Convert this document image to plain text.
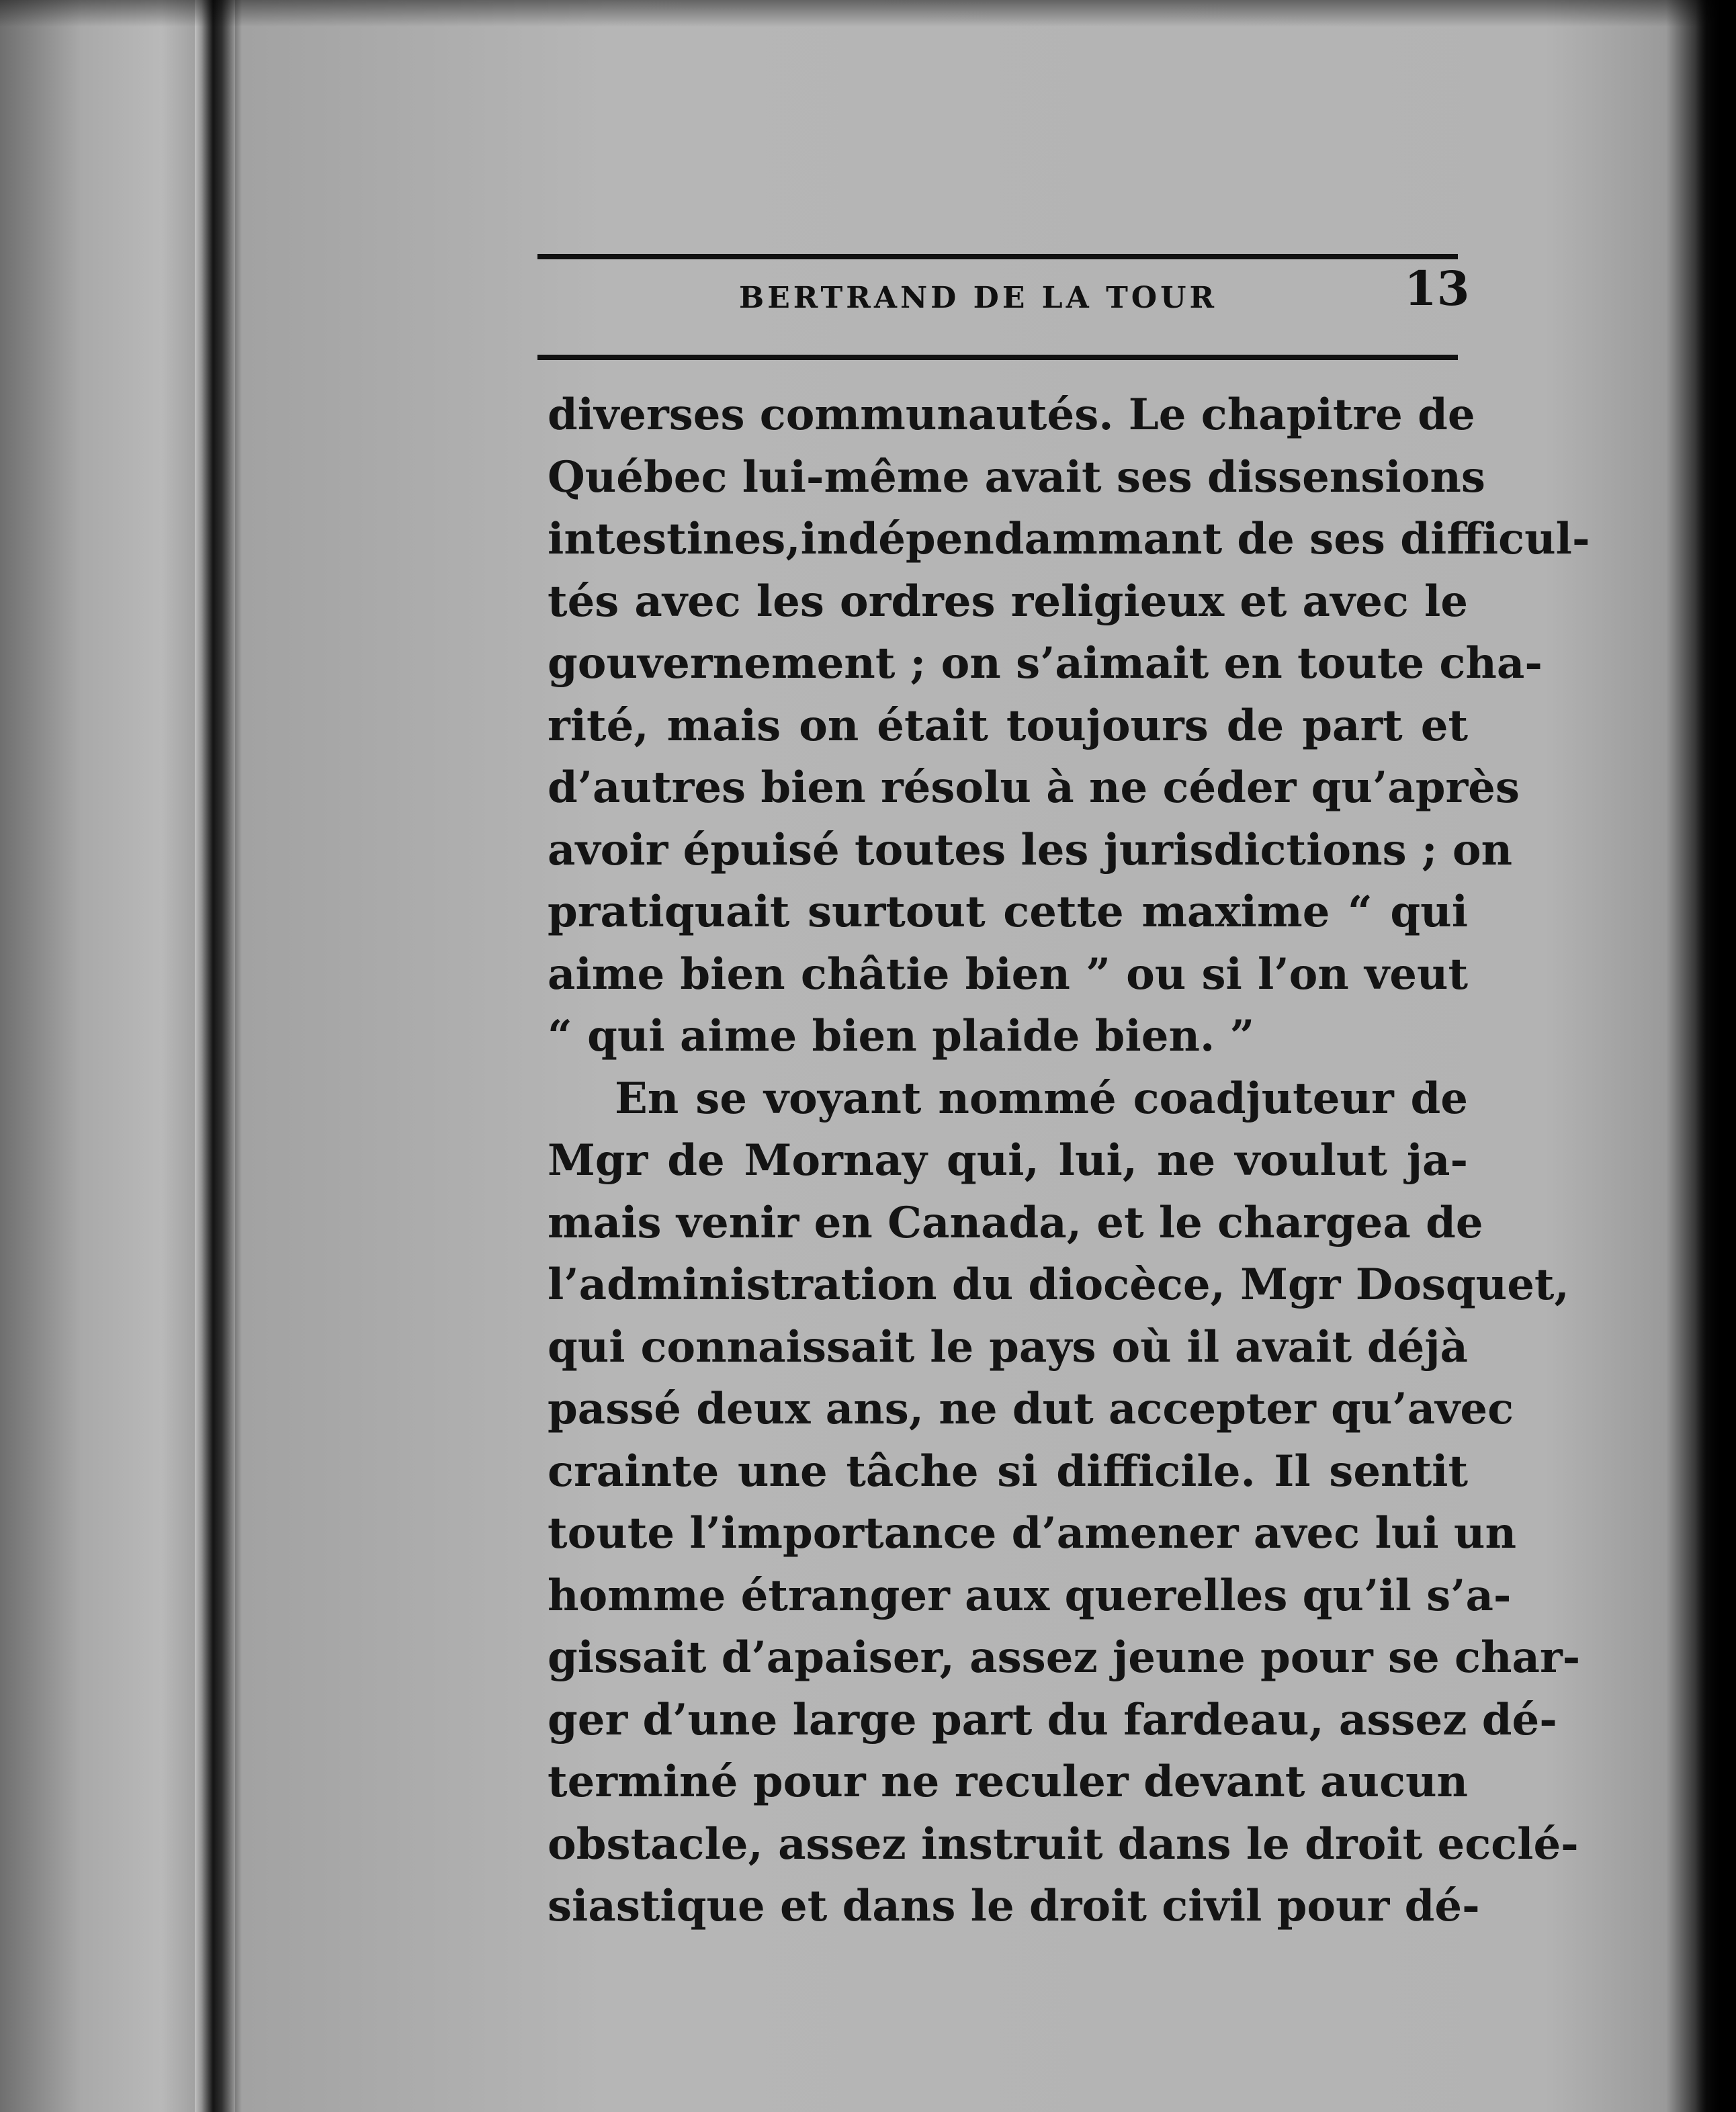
BERTRAND DE LA TOUR	13
diverses communautés. Le chapitre de
Québec lui-même avait ses dissensions
intestines,indépendammant de ses difficul-
tés avec les ordres religieux et avec le
gouvernement ; on s’aimait en toute cha-
rité, mais on était toujours de part et
d’autres bien résolu à ne céder qu’après
avoir épuisé toutes les jurisdictions ; on
pratiquait surtout cette maxime “ qui
aime bien châtie bien ” ou si l’on veut
“ qui aime bien plaide bien. ”
En se voyant nommé coadjuteur de
Mgr de Mornay qui, lui, ne voulut ja-
mais venir en Canada, et le chargea de
l’administration du diocèce, Mgr Dosquet,
qui connaissait le pays où il avait déjà
passé deux ans, ne dut accepter qu’avec
crainte une tâche si difficile. Il sentit
toute l’importance d’amener avec lui un
homme étranger aux querelles qu’il s’a-
gissait d’apaiser, assez jeune pour se char-
ger d’une large part du fardeau, assez dé-
terminé pour ne reculer devant aucun
obstacle, assez instruit dans le droit ecclé-
siastique et dans le droit civil pour dé-
